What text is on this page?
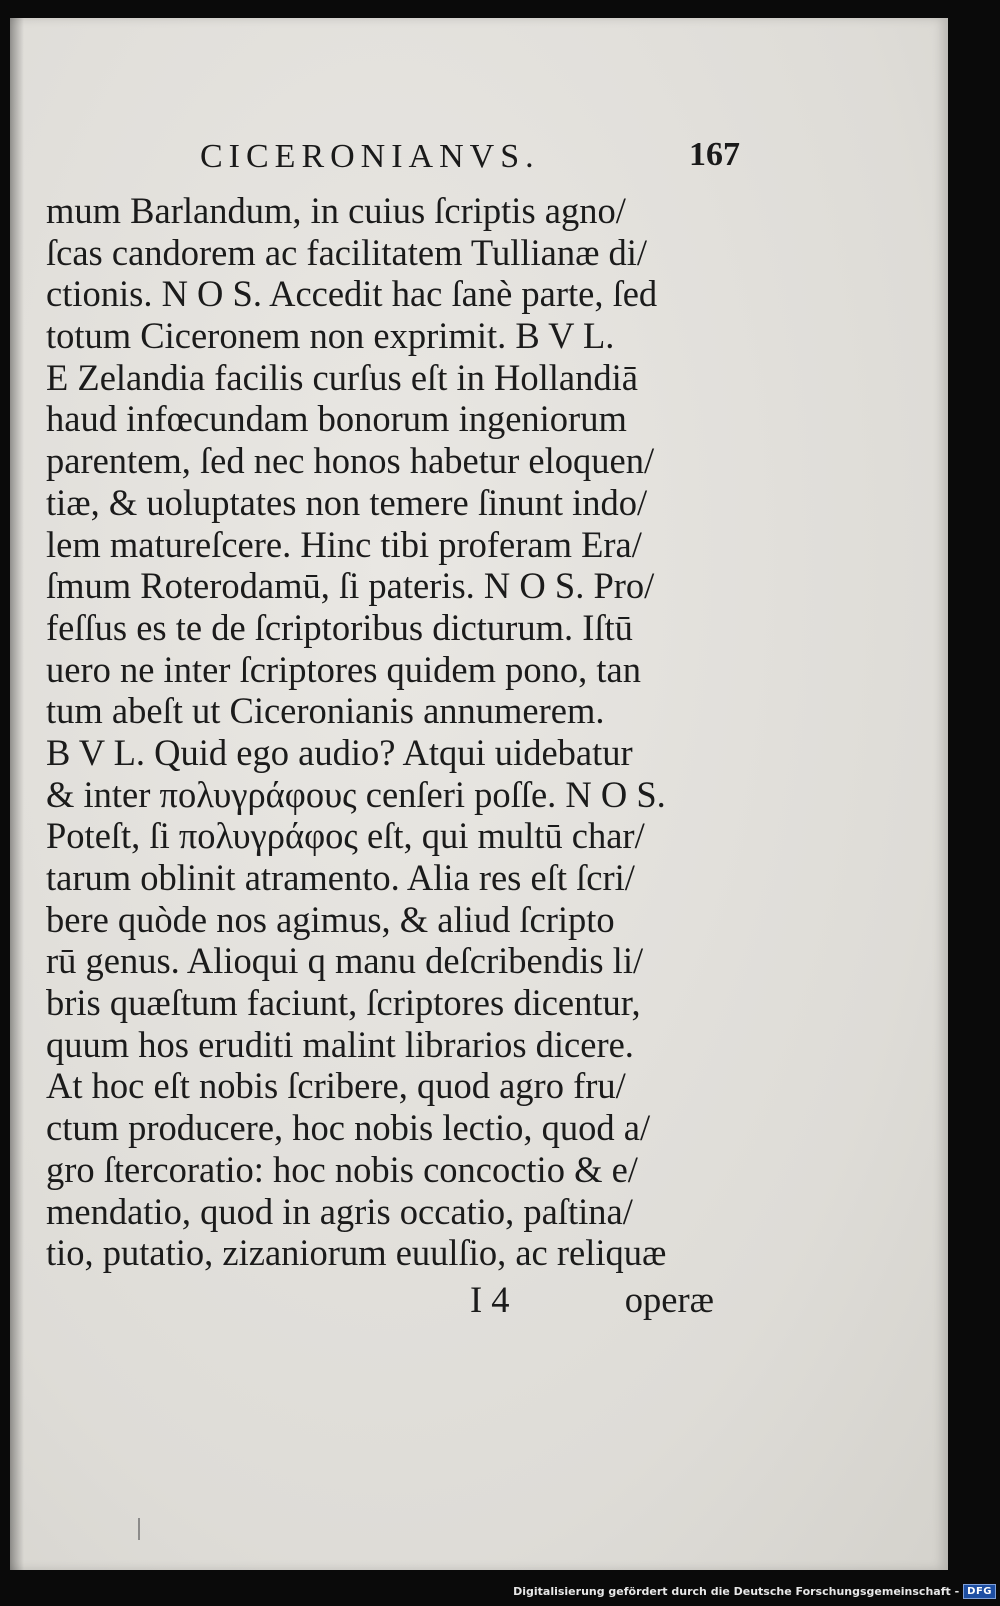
CICERONIANVS.	167
mum Barlandum, in cuius ſcriptis agno/
ſcas candorem ac facilitatem Tullianæ di/
ctionis. N O S. Accedit hac ſanè parte, ſed
totum Ciceronem non exprimit. B V L.
E Zelandia facilis curſus eſt in Hollandiā
haud infœcundam bonorum ingeniorum
parentem, ſed nec honos habetur eloquen/
tiæ, & uoluptates non temere ſinunt indo/
lem matureſcere. Hinc tibi proferam Era/
ſmum Roterodamū, ſi pateris. N O S. Pro/
feſſus es te de ſcriptoribus dicturum. Iſtū
uero ne inter ſcriptores quidem pono, tan
tum abeſt ut Ciceronianis annumerem.
B V L. Quid ego audio? Atqui uidebatur
& inter πολυγράφους cenſeri poſſe. N O S.
Poteſt, ſi πολυγράφος eſt, qui multū char/
tarum oblinit atramento. Alia res eſt ſcri/
bere quòde nos agimus, & aliud ſcripto
rū genus. Alioqui q manu deſcribendis li/
bris quæſtum faciunt, ſcriptores dicentur,
quum hos eruditi malint librarios dicere.
At hoc eſt nobis ſcribere, quod agro fru/
ctum producere, hoc nobis lectio, quod a/
gro ſtercoratio: hoc nobis concoctio & e/
mendatio, quod in agris occatio, paſtina/
tio, putatio, zizaniorum euulſio, ac reliquæ
I 4	operæ
Digitalisierung gefördert durch die Deutsche Forschungsgemeinschaft - DFG
